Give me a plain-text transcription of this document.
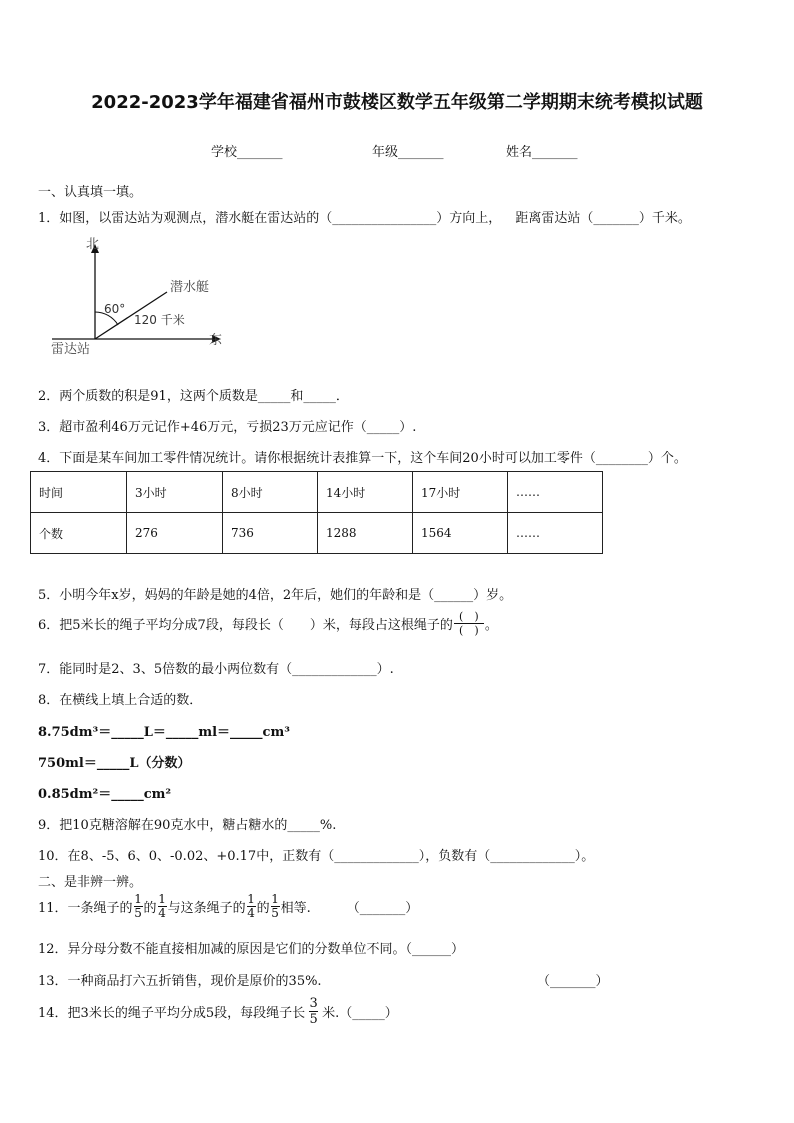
2022-2023学年福建省福州市鼓楼区数学五年级第二学期期末统考模拟试题
学校_______	年级_______	姓名_______
一、认真填一填。
1．如图，以雷达站为观测点，潜水艇在雷达站的（________________）方向上， 距离雷达站（_______）千米。
北
东
雷达站
潜水艇
60°
120 千米
2．两个质数的积是91，这两个质数是_____和_____．
3．超市盈利46万元记作+46万元，亏损23万元应记作（_____）.
4．下面是某车间加工零件情况统计。请你根据统计表推算一下，这个车间20小时可以加工零件（________）个。
时间	3小时	8小时	14小时	17小时	……
个数	276	736	1288	1564	……
5．小明今年x岁，妈妈的年龄是她的4倍，2年后，她们的年龄和是（______）岁。
6．把5米长的绳子平均分成7段，每段长（　　）米，每段占这根绳子的 $\frac{( )}{( )}$ 。
7．能同时是2、3、5倍数的最小两位数有（_____________）.
8．在横线上填上合适的数．
8.75dm³＝_____L＝_____ml＝_____cm³
750ml＝_____L（分数）
0.85dm²＝_____cm²
9．把10克糖溶解在90克水中，糖占糖水的_____%.
10．在8、-5、6、0、-0.02、+0.17中，正数有（_____________），负数有（_____________）。
二、是非辨一辨。
11．一条绳子的 $\frac{1}{5}$ 的 $\frac{1}{4}$ 与这条绳子的 $\frac{1}{4}$ 的 $\frac{1}{5}$ 相等.	（_______）
12．异分母分数不能直接相加减的原因是它们的分数单位不同。（______）
13．一种商品打六五折销售，现价是原价的35%.	（_______）
14．把3米长的绳子平均分成5段，每段绳子长 $\frac{3}{5}$ 米.（_____）
